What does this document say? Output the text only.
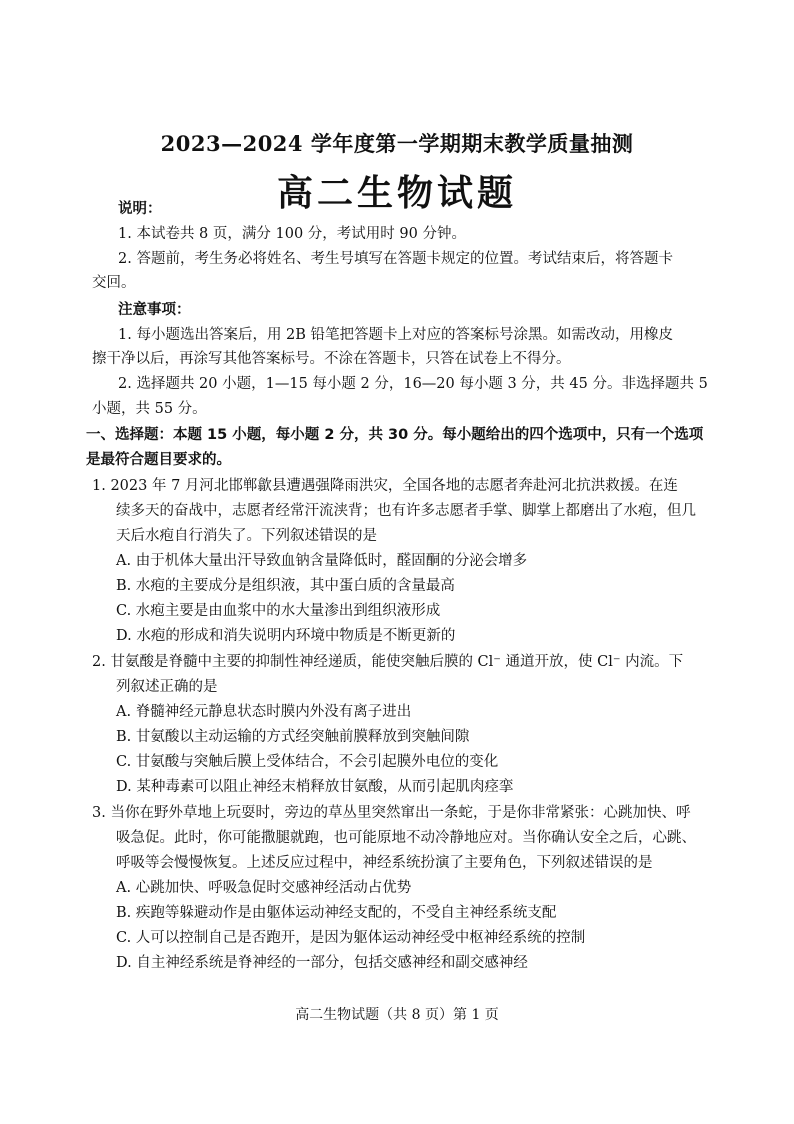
2023—2024 学年度第一学期期末教学质量抽测
高二生物试题
说明：
1. 本试卷共 8 页，满分 100 分，考试用时 90 分钟。
2. 答题前，考生务必将姓名、考生号填写在答题卡规定的位置。考试结束后，将答题卡
交回。
注意事项：
1. 每小题选出答案后，用 2B 铅笔把答题卡上对应的答案标号涂黑。如需改动，用橡皮
擦干净以后，再涂写其他答案标号。不涂在答题卡，只答在试卷上不得分。
2. 选择题共 20 小题，1—15 每小题 2 分，16—20 每小题 3 分，共 45 分。非选择题共 5
小题，共 55 分。
一、选择题：本题 15 小题，每小题 2 分，共 30 分。每小题给出的四个选项中，只有一个选项
是最符合题目要求的。
1. 2023 年 7 月河北邯郸歙县遭遇强降雨洪灾，全国各地的志愿者奔赴河北抗洪救援。在连
续多天的奋战中，志愿者经常汗流浃背；也有许多志愿者手掌、脚掌上都磨出了水疱，但几
天后水疱自行消失了。下列叙述错误的是
A. 由于机体大量出汗导致血钠含量降低时，醛固酮的分泌会增多
B. 水疱的主要成分是组织液，其中蛋白质的含量最高
C. 水疱主要是由血浆中的水大量渗出到组织液形成
D. 水疱的形成和消失说明内环境中物质是不断更新的
2. 甘氨酸是脊髓中主要的抑制性神经递质，能使突触后膜的 Cl⁻ 通道开放，使 Cl⁻ 内流。下
列叙述正确的是
A. 脊髓神经元静息状态时膜内外没有离子进出
B. 甘氨酸以主动运输的方式经突触前膜释放到突触间隙
C. 甘氨酸与突触后膜上受体结合，不会引起膜外电位的变化
D. 某种毒素可以阻止神经末梢释放甘氨酸，从而引起肌肉痉挛
3. 当你在野外草地上玩耍时，旁边的草丛里突然窜出一条蛇，于是你非常紧张：心跳加快、呼
吸急促。此时，你可能撒腿就跑，也可能原地不动冷静地应对。当你确认安全之后，心跳、
呼吸等会慢慢恢复。上述反应过程中，神经系统扮演了主要角色，下列叙述错误的是
A. 心跳加快、呼吸急促时交感神经活动占优势
B. 疾跑等躲避动作是由躯体运动神经支配的，不受自主神经系统支配
C. 人可以控制自己是否跑开，是因为躯体运动神经受中枢神经系统的控制
D. 自主神经系统是脊神经的一部分，包括交感神经和副交感神经
高二生物试题（共 8 页）第 1 页
